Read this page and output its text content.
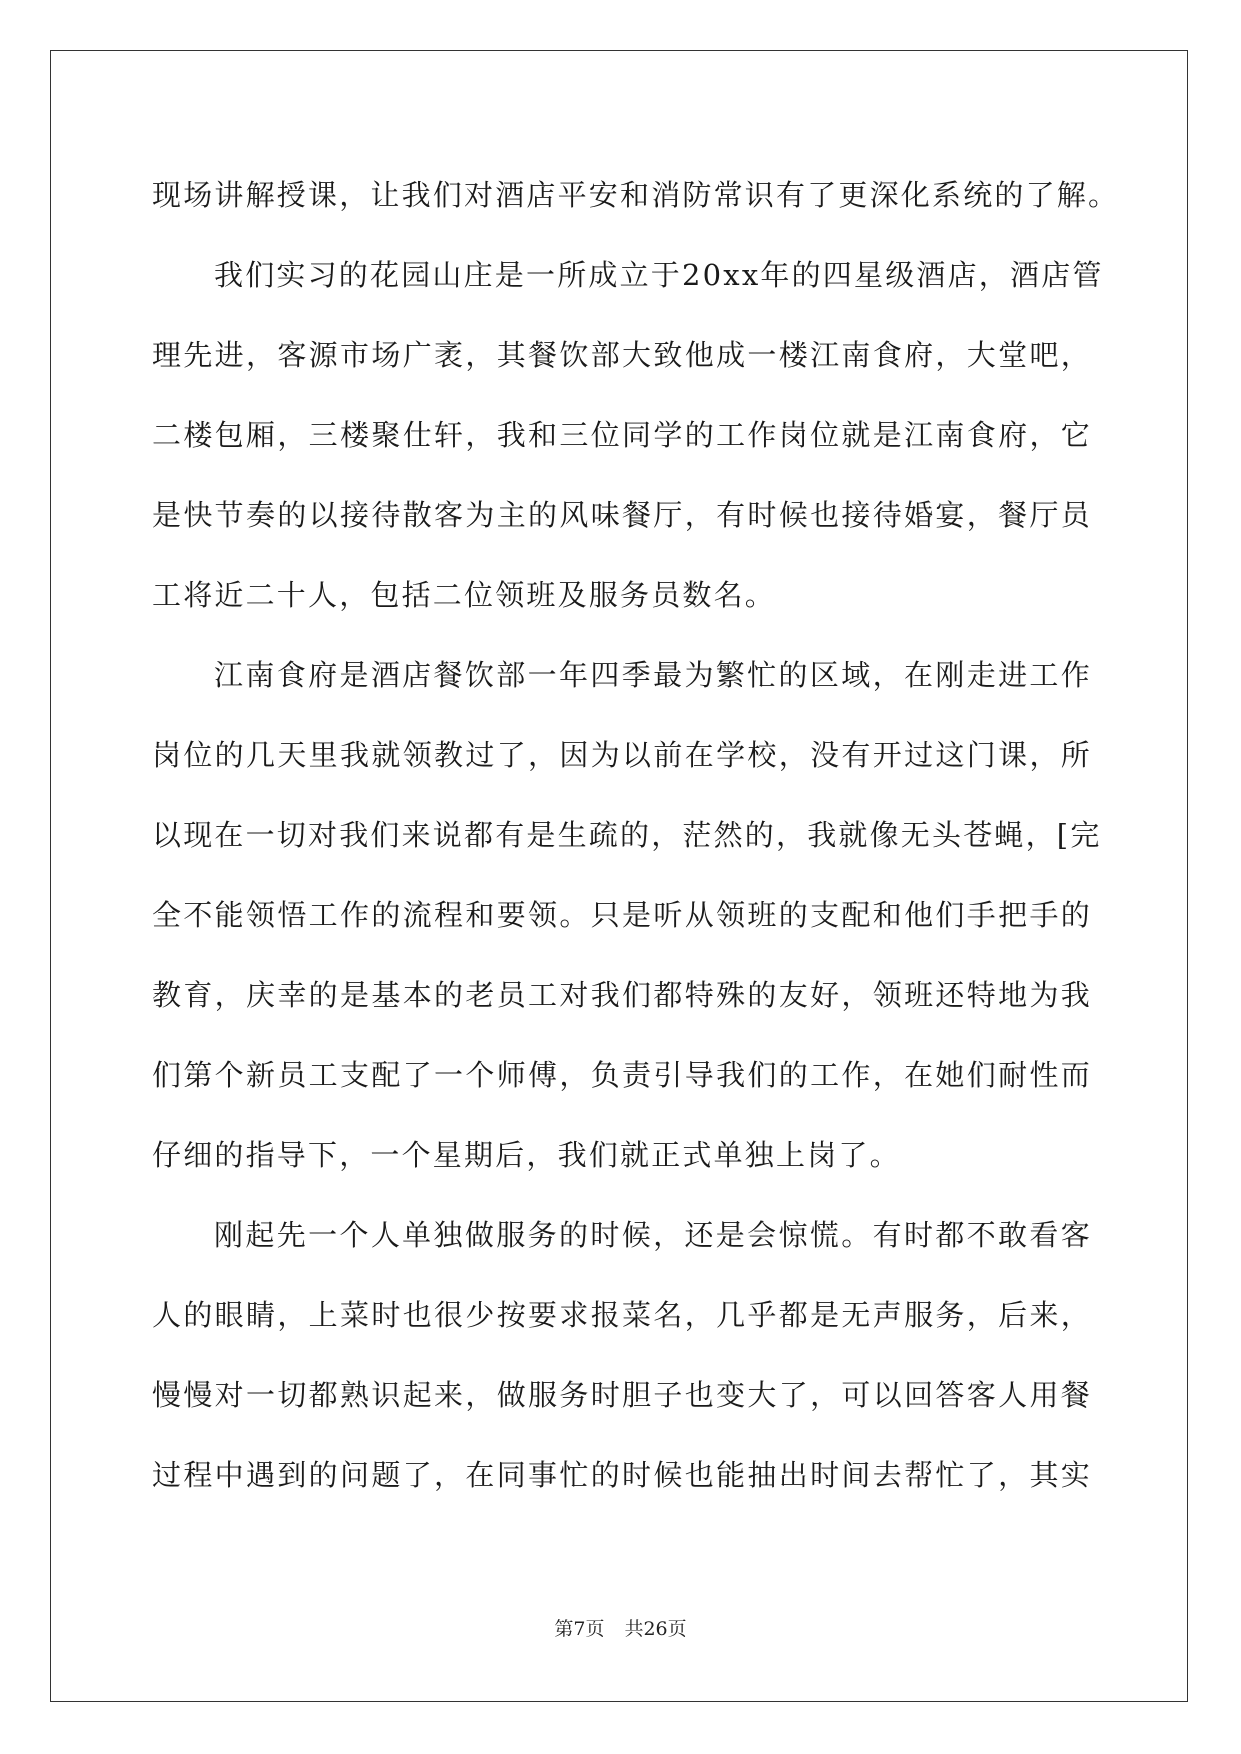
现场讲解授课，让我们对酒店平安和消防常识有了更深化系统的了解。
我们实习的花园山庄是一所成立于20xx年的四星级酒店，酒店管
理先进，客源市场广袤，其餐饮部大致他成一楼江南食府，大堂吧，
二楼包厢，三楼聚仕轩，我和三位同学的工作岗位就是江南食府，它
是快节奏的以接待散客为主的风味餐厅，有时候也接待婚宴，餐厅员
工将近二十人，包括二位领班及服务员数名。
江南食府是酒店餐饮部一年四季最为繁忙的区域，在刚走进工作
岗位的几天里我就领教过了，因为以前在学校，没有开过这门课，所
以现在一切对我们来说都有是生疏的，茫然的，我就像无头苍蝇，[完
全不能领悟工作的流程和要领。只是听从领班的支配和他们手把手的
教育，庆幸的是基本的老员工对我们都特殊的友好，领班还特地为我
们第个新员工支配了一个师傅，负责引导我们的工作，在她们耐性而
仔细的指导下，一个星期后，我们就正式单独上岗了。
刚起先一个人单独做服务的时候，还是会惊慌。有时都不敢看客
人的眼睛，上菜时也很少按要求报菜名，几乎都是无声服务，后来，
慢慢对一切都熟识起来，做服务时胆子也变大了，可以回答客人用餐
过程中遇到的问题了，在同事忙的时候也能抽出时间去帮忙了，其实
第7页 共26页
